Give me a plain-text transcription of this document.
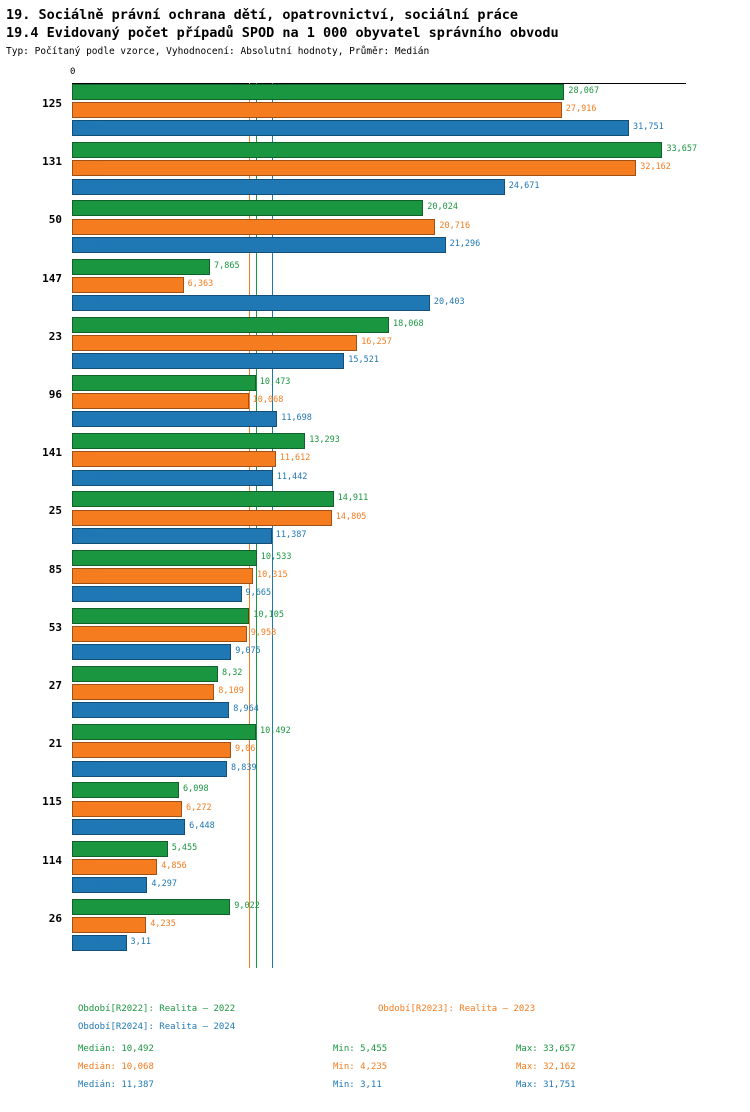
19. Sociálně právní ochrana dětí, opatrovnictví, sociální práce
19.4 Evidovaný počet případů SPOD na 1 000 obyvatel správního obvodu
Typ: Počítaný podle vzorce, Vyhodnocení: Absolutní hodnoty, Průměr: Medián
0
125
R2022	28,067
R2023	27,916
R2024	31,751
131
R2022	33,657
R2023	32,162
R2024	24,671
50
R2022	20,024
R2023	20,716
R2024	21,296
147
R2022	7,865
R2023	6,363
R2024	20,403
23
R2022	18,068
R2023	16,257
R2024	15,521
96
R2022	10,473
R2023	10,068
R2024	11,698
141
R2022	13,293
R2023	11,612
R2024	11,442
25
R2022	14,911
R2023	14,805
R2024	11,387
85
R2022	10,533
R2023	10,315
R2024	9,665
53
R2022	10,105
R2023	9,958
R2024	9,075
27
R2022	8,32
R2023	8,109
R2024	8,964
21
R2022	10,492
R2023	9,06
R2024	8,839
115
R2022	6,098
R2023	6,272
R2024	6,448
114
R2022	5,455
R2023	4,856
R2024	4,297
26
R2022	9,022
R2023	4,235
R2024	3,11
Období[R2022]: Realita – 2022	Období[R2023]: Realita – 2023
Období[R2024]: Realita – 2024
Medián: 10,492	Min: 5,455	Max: 33,657
Medián: 10,068	Min: 4,235	Max: 32,162
Medián: 11,387	Min: 3,11	Max: 31,751
